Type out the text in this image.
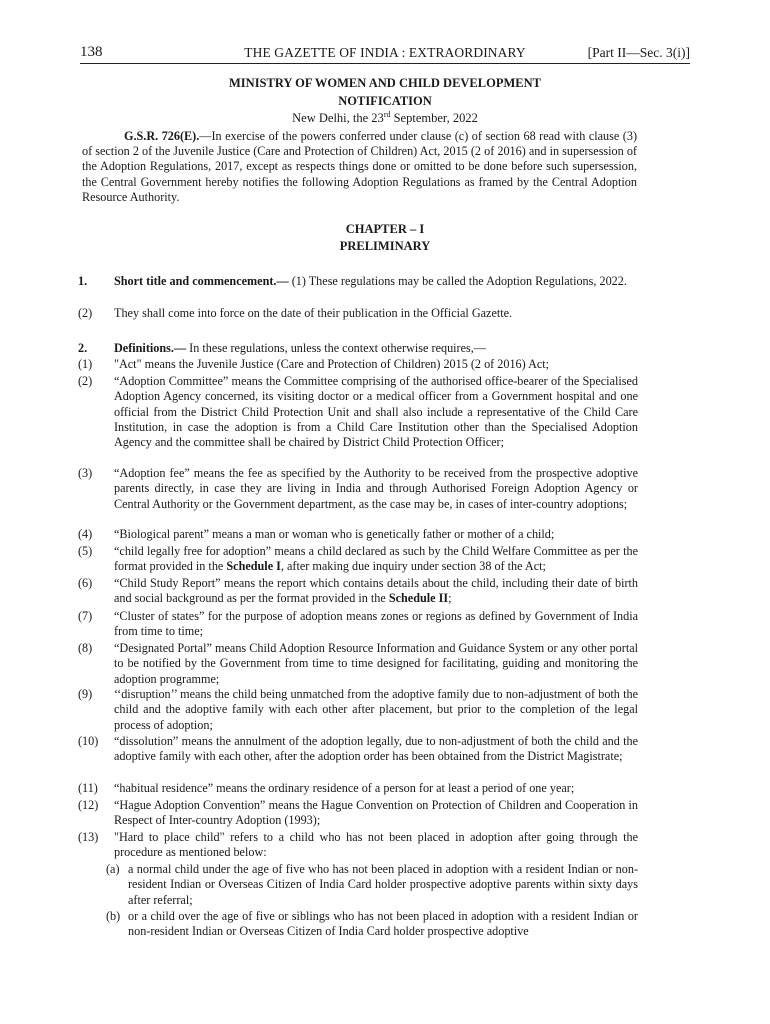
138	THE GAZETTE OF INDIA : EXTRAORDINARY	[Part II—Sec. 3(i)]
MINISTRY OF WOMEN AND CHILD DEVELOPMENT
NOTIFICATION
New Delhi, the 23rd September, 2022
G.S.R. 726(E).—In exercise of the powers conferred under clause (c) of section 68 read with clause (3) of section 2 of the Juvenile Justice (Care and Protection of Children) Act, 2015 (2 of 2016) and in supersession of the Adoption Regulations, 2017, except as respects things done or omitted to be done before such supersession, the Central Government hereby notifies the following Adoption Regulations as framed by the Central Adoption Resource Authority.
CHAPTER – I
PRELIMINARY
1. Short title and commencement.— (1) These regulations may be called the Adoption Regulations, 2022.
(2) They shall come into force on the date of their publication in the Official Gazette.
2. Definitions.— In these regulations, unless the context otherwise requires,—
(1) "Act" means the Juvenile Justice (Care and Protection of Children) 2015 (2 of 2016) Act;
(2) “Adoption Committee” means the Committee comprising of the authorised office-bearer of the Specialised Adoption Agency concerned, its visiting doctor or a medical officer from a Government hospital and one official from the District Child Protection Unit and shall also include a representative of the Child Care Institution, in case the adoption is from a Child Care Institution other than the Specialised Adoption Agency and the committee shall be chaired by District Child Protection Officer;
(3) “Adoption fee” means the fee as specified by the Authority to be received from the prospective adoptive parents directly, in case they are living in India and through Authorised Foreign Adoption Agency or Central Authority or the Government department, as the case may be, in cases of inter-country adoptions;
(4) “Biological parent” means a man or woman who is genetically father or mother of a child;
(5) “child legally free for adoption” means a child declared as such by the Child Welfare Committee as per the format provided in the Schedule I, after making due inquiry under section 38 of the Act;
(6) “Child Study Report” means the report which contains details about the child, including their date of birth and social background as per the format provided in the Schedule II;
(7) “Cluster of states” for the purpose of adoption means zones or regions as defined by Government of India from time to time;
(8) “Designated Portal” means Child Adoption Resource Information and Guidance System or any other portal to be notified by the Government from time to time designed for facilitating, guiding and monitoring the adoption programme;
(9) ‘‘disruption’’ means the child being unmatched from the adoptive family due to non-adjustment of both the child and the adoptive family with each other after placement, but prior to the completion of the legal process of adoption;
(10) “dissolution” means the annulment of the adoption legally, due to non-adjustment of both the child and the adoptive family with each other, after the adoption order has been obtained from the District Magistrate;
(11) “habitual residence” means the ordinary residence of a person for at least a period of one year;
(12) “Hague Adoption Convention” means the Hague Convention on Protection of Children and Cooperation in Respect of Inter-country Adoption (1993);
(13) "Hard to place child" refers to a child who has not been placed in adoption after going through the procedure as mentioned below:
(a) a normal child under the age of five who has not been placed in adoption with a resident Indian or non-resident Indian or Overseas Citizen of India Card holder prospective adoptive parents within sixty days after referral;
(b) or a child over the age of five or siblings who has not been placed in adoption with a resident Indian or non-resident Indian or Overseas Citizen of India Card holder prospective adoptive
